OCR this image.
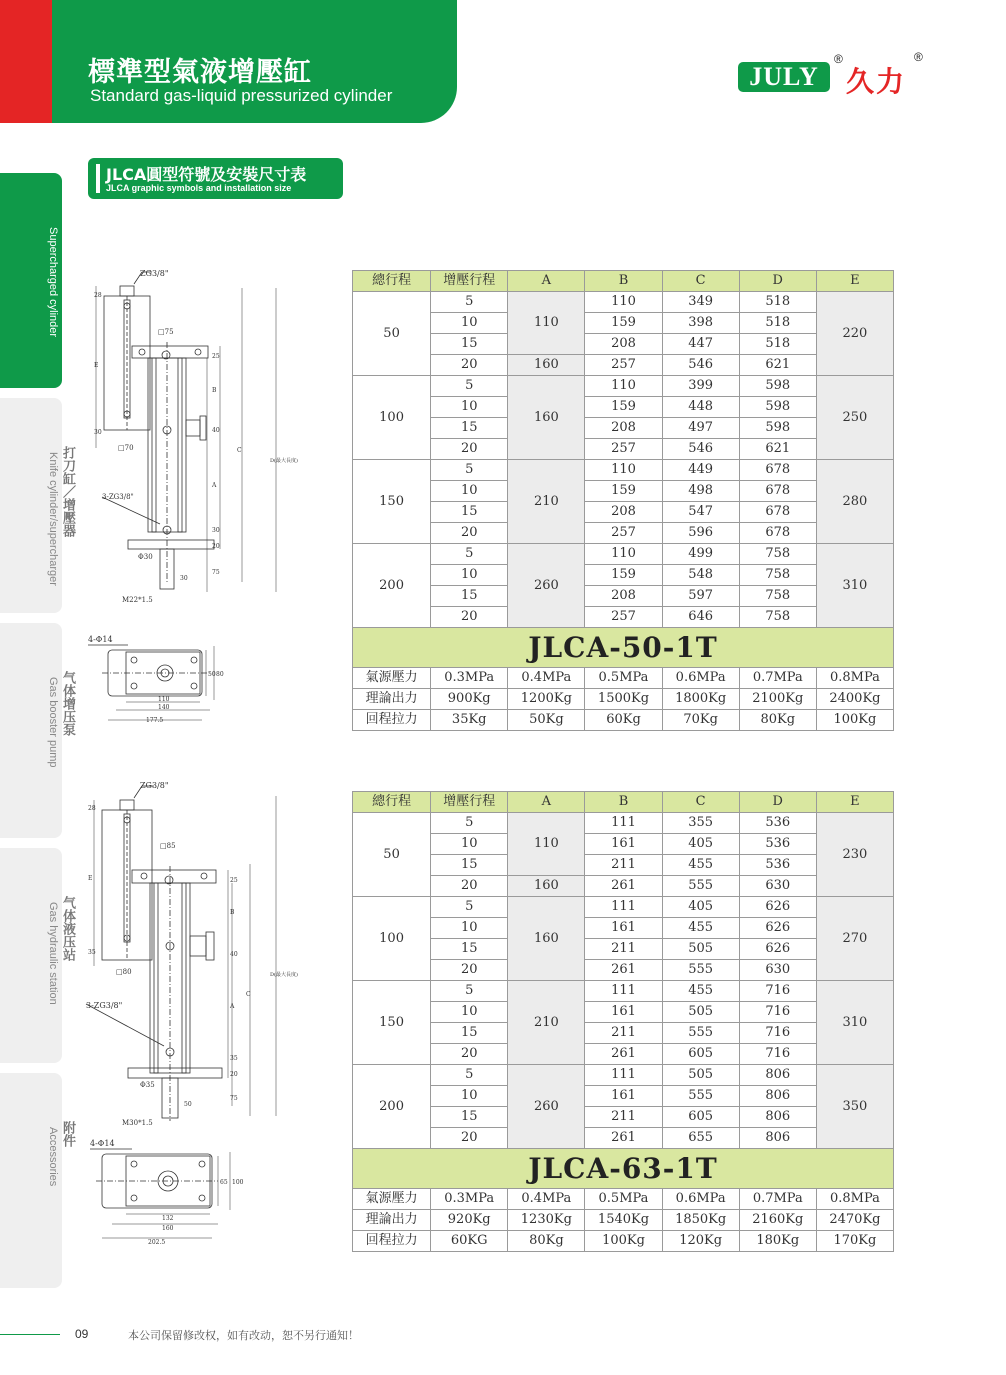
標準型氣液增壓缸
Standard gas-liquid pressurized cylinder
JULY
®
久力
®
JLCA圓型符號及安裝尺寸表
JLCA graphic symbols and installation size
增压缸
Supercharged cylinder
打刀缸／增壓器
Knife cylinder/supercharger
气体增压泵
Gas booster pump
气体液压站
Gas hydraulic station
附件
Accessories
ZG3/8"
3-ZG3/8"
Φ30
M22*1.5
□75
□70
28
E
30
25
B
40
A
30
20
75
30
C
D(最大長度)
4-Φ14
110
140
177.5
50 80
ZG3/8"
3-ZG3/8"
Φ35
M30*1.5
□85
□80
28
E
35
25
B
40
A
35
20
75
50
C
D(最大長度)
4-Φ14
132
160
202.5
65 100
總行程	增壓行程	A	B	C	D	E
50	5	110	110	349	518	220
	10		159	398	518	
	15		208	447	518	
	20	160	257	546	621	
100	5	160	110	399	598	250
	10		159	448	598	
	15		208	497	598	
	20		257	546	621	
150	5	210	110	449	678	280
	10		159	498	678	
	15		208	547	678	
	20		257	596	678	
200	5	260	110	499	758	310
	10		159	548	758	
	15		208	597	758	
	20		257	646	758	
JLCA-50-1T						
氣源壓力	0.3MPa	0.4MPa	0.5MPa	0.6MPa	0.7MPa	0.8MPa
理論出力	900Kg	1200Kg	1500Kg	1800Kg	2100Kg	2400Kg
回程拉力	35Kg	50Kg	60Kg	70Kg	80Kg	100Kg
總行程	增壓行程	A	B	C	D	E
50	5	110	111	355	536	230
	10		161	405	536	
	15		211	455	536	
	20	160	261	555	630	
100	5	160	111	405	626	270
	10		161	455	626	
	15		211	505	626	
	20		261	555	630	
150	5	210	111	455	716	310
	10		161	505	716	
	15		211	555	716	
	20		261	605	716	
200	5	260	111	505	806	350
	10		161	555	806	
	15		211	605	806	
	20		261	655	806	
JLCA-63-1T						
氣源壓力	0.3MPa	0.4MPa	0.5MPa	0.6MPa	0.7MPa	0.8MPa
理論出力	920Kg	1230Kg	1540Kg	1850Kg	2160Kg	2470Kg
回程拉力	60KG	80Kg	100Kg	120Kg	180Kg	170Kg
09	本公司保留修改权，如有改动，恕不另行通知！
